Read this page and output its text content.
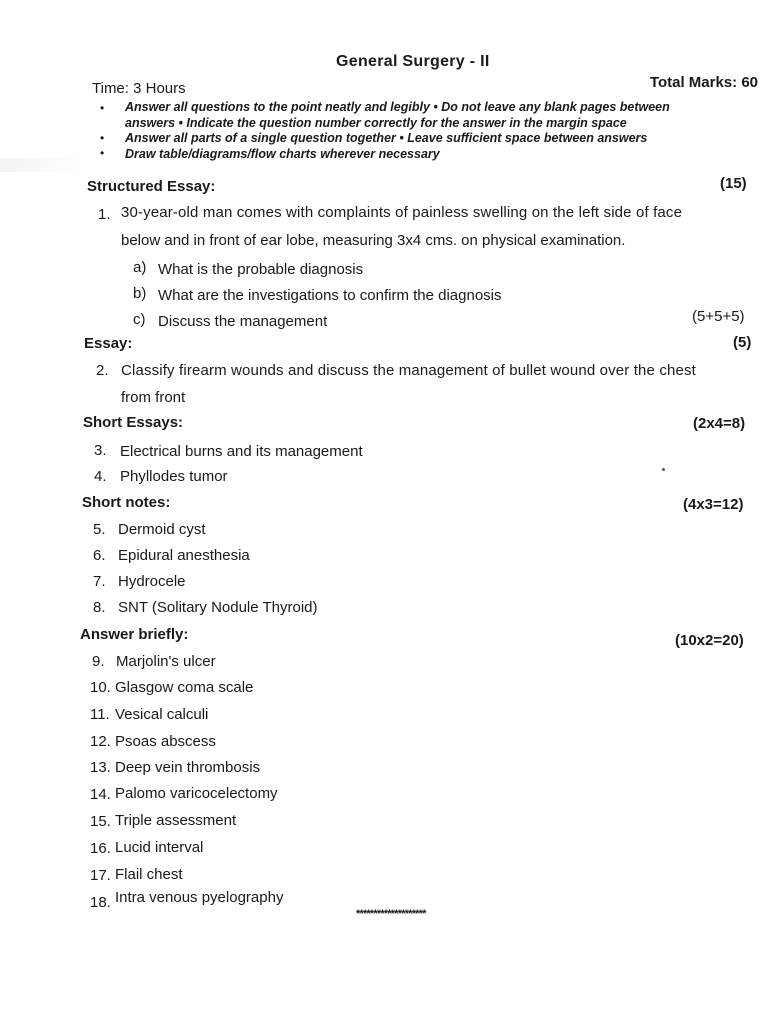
General Surgery - II
Time: 3 Hours	Total Marks: 60
• Answer all questions to the point neatly and legibly • Do not leave any blank pages between
answers • Indicate the question number correctly for the answer in the margin space
• Answer all parts of a single question together • Leave sufficient space between answers
• Draw table/diagrams/flow charts wherever necessary
Structured Essay:	(15)
1. 30-year-old man comes with complaints of painless swelling on the left side of face
below and in front of ear lobe, measuring 3x4 cms. on physical examination.
a) What is the probable diagnosis
b) What are the investigations to confirm the diagnosis
c) Discuss the management	(5+5+5)
Essay:	(5)
2. Classify firearm wounds and discuss the management of bullet wound over the chest
from front
Short Essays:	(2x4=8)
3. Electrical burns and its management
4. Phyllodes tumor
Short notes:	(4x3=12)
5. Dermoid cyst
6. Epidural anesthesia
7. Hydrocele
8. SNT (Solitary Nodule Thyroid)
Answer briefly:	(10x2=20)
9. Marjolin's ulcer
10. Glasgow coma scale
11. Vesical calculi
12. Psoas abscess
13. Deep vein thrombosis
14. Palomo varicocelectomy
15. Triple assessment
16. Lucid interval
17. Flail chest
18. Intra venous pyelography
********************
